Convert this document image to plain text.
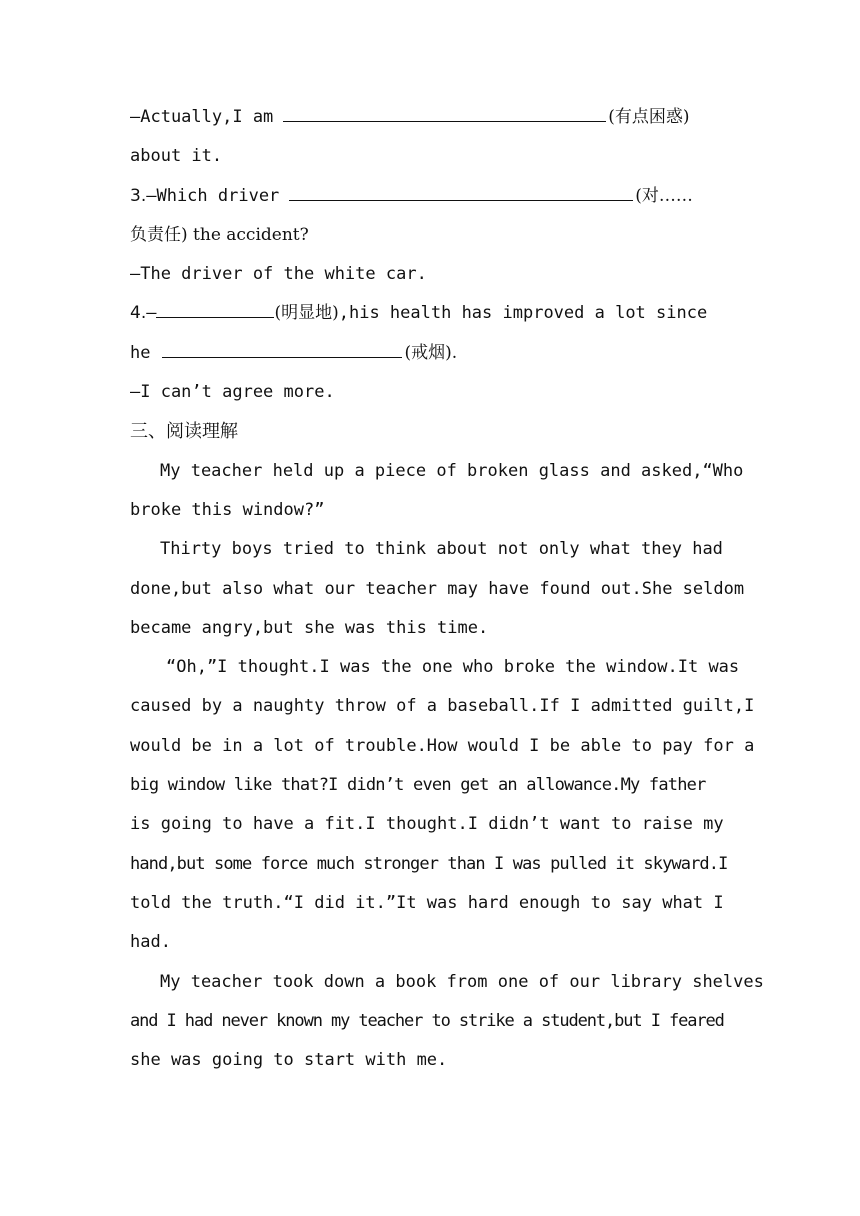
—Actually,I am	(有点困惑)
about it.
3. —Which driver	(对……
负责任) the accident?
—The driver of the white car.
4. —	(明显地) ,his health has improved a lot since
he	(戒烟).
—I can’t agree more.
三、阅读理解
My teacher held up a piece of broken glass and asked,“Who
broke this window?”
Thirty boys tried to think about not only what they had
done,but also what our teacher may have found out.She seldom
became angry,but she was this time.
“Oh,”I thought.I was the one who broke the window.It was
caused by a naughty throw of a baseball.If I admitted guilt,I
would be in a lot of trouble.How would I be able to pay for a
big window like that?I didn’t even get an allowance.My father
is going to have a fit.I thought.I didn’t want to raise my
hand,but some force much stronger than I was pulled it skyward.I
told the truth.“I did it.”It was hard enough to say what I
had.
My teacher took down a book from one of our library shelves
and I had never known my teacher to strike a student,but I feared
she was going to start with me.
